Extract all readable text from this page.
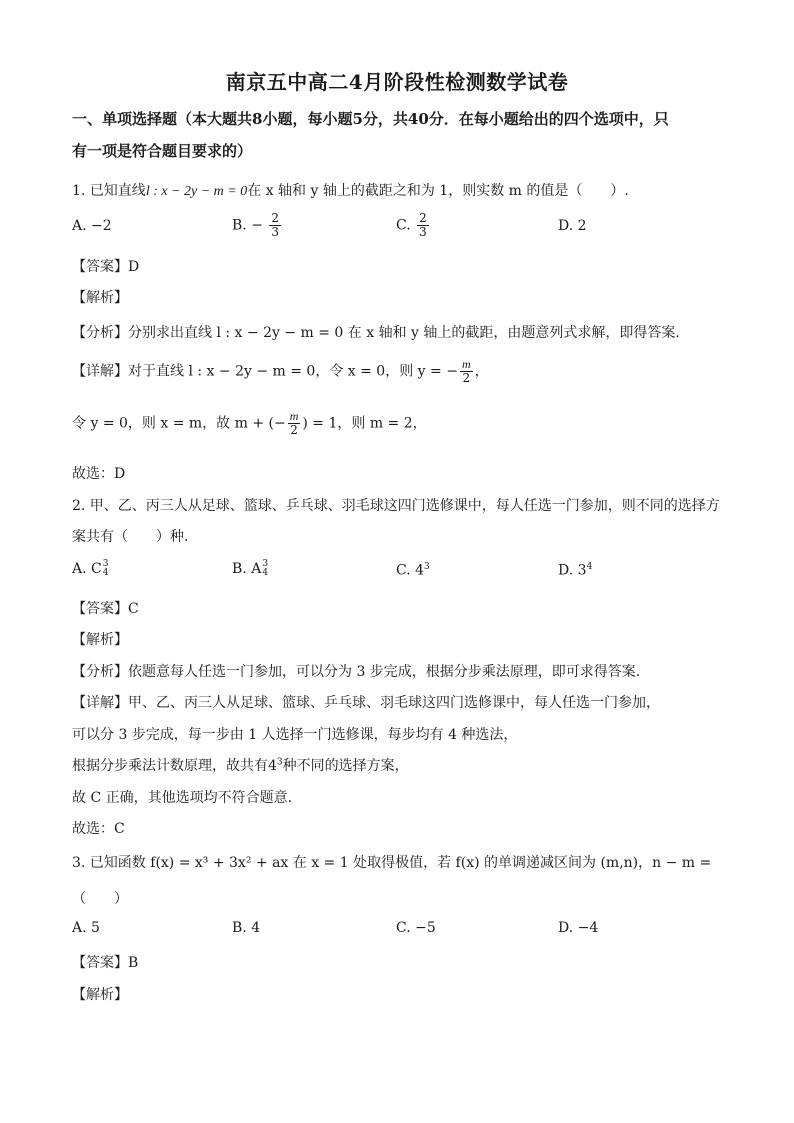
南京五中高二4月阶段性检测数学试卷
一、单项选择题（本大题共8小题，每小题5分，共40分．在每小题给出的四个选项中，只
有一项是符合题目要求的）
1. 已知直线l : x − 2y − m = 0在 x 轴和 y 轴上的截距之和为 1，则实数 m 的值是（　　）.
A. −2	B. − $\frac{2}{3}$	C. $\frac{2}{3}$	D. 2
【答案】D
【解析】
【分析】分别求出直线 l : x − 2y − m = 0 在 x 轴和 y 轴上的截距，由题意列式求解，即得答案.
【详解】对于直线 l : x − 2y − m = 0，令 x = 0，则 y = − $\frac{m}{2}$ ，
令 y = 0，则 x = m，故 m + (− $\frac{m}{2}$ ) = 1，则 m = 2，
故选：D
2. 甲、乙、丙三人从足球、篮球、乒乓球、羽毛球这四门选修课中，每人任选一门参加，则不同的选择方
案共有（　　）种.
A. C 3
4	B. A 3
4	C. $4^3$	D. $3^4$
【答案】C
【解析】
【分析】依题意每人任选一门参加，可以分为 3 步完成，根据分步乘法原理，即可求得答案.
【详解】甲、乙、丙三人从足球、篮球、乒乓球、羽毛球这四门选修课中，每人任选一门参加，
可以分 3 步完成，每一步由 1 人选择一门选修课，每步均有 4 种选法，
根据分步乘法计数原理，故共有$4^3$种不同的选择方案，
故 C 正确，其他选项均不符合题意.
故选：C
3. 已知函数 f(x) = x³ + 3x² + ax 在 x = 1 处取得极值，若 f(x) 的单调递减区间为 (m,n)，n − m =
（　　）
A. 5	B. 4	C. −5	D. −4
【答案】B
【解析】
